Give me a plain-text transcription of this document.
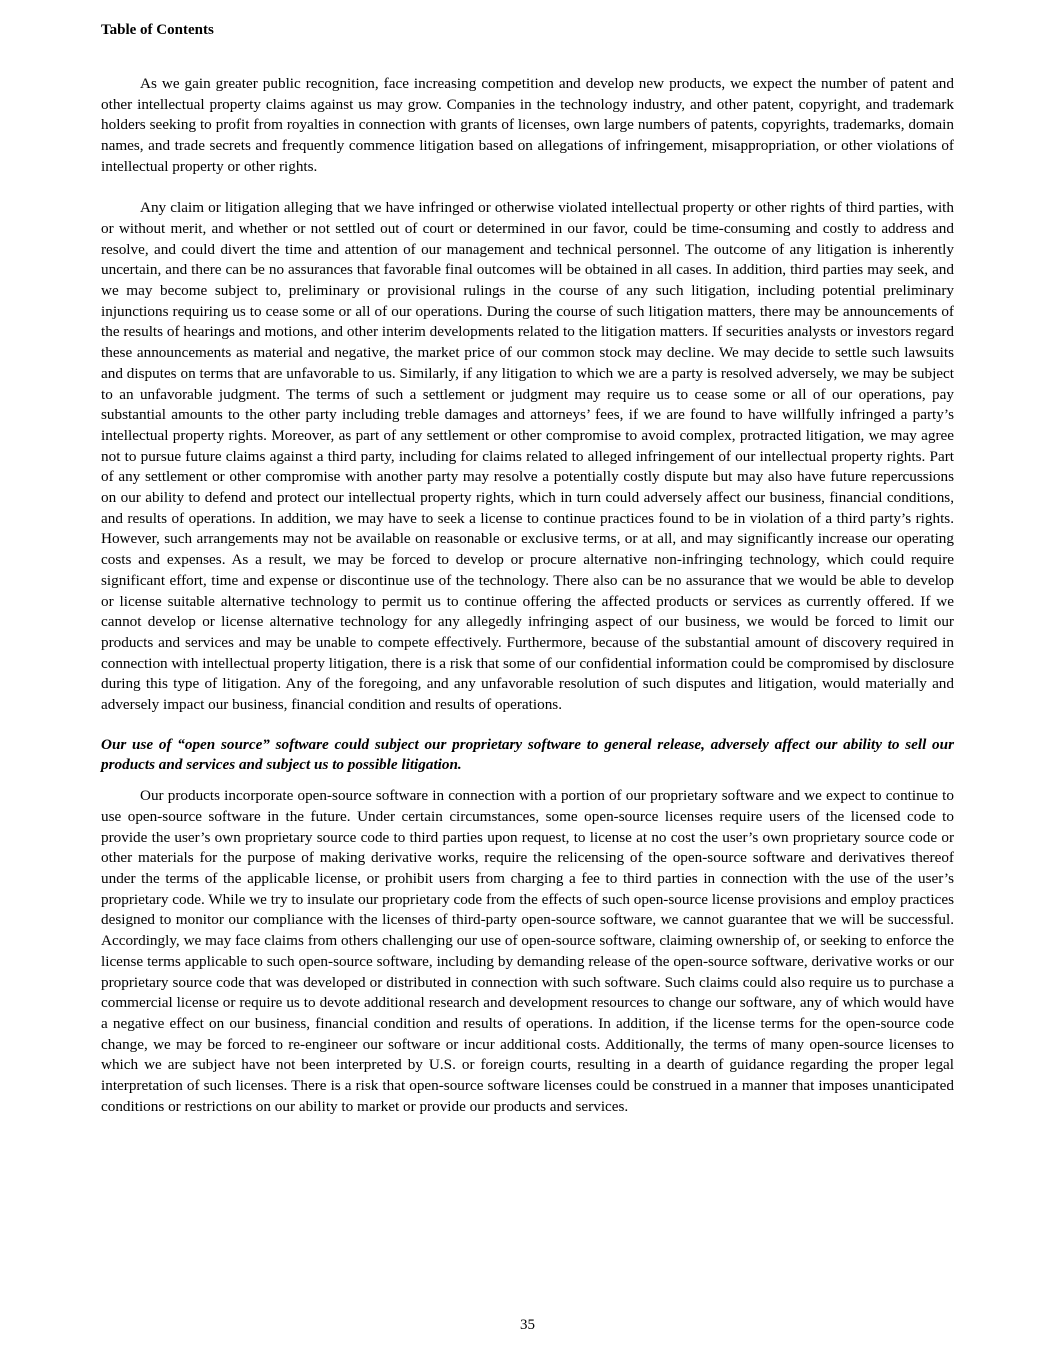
Table of Contents

As we gain greater public recognition, face increasing competition and develop new products, we expect the number of patent and other intellectual property claims against us may grow. Companies in the technology industry, and other patent, copyright, and trademark holders seeking to profit from royalties in connection with grants of licenses, own large numbers of patents, copyrights, trademarks, domain names, and trade secrets and frequently commence litigation based on allegations of infringement, misappropriation, or other violations of intellectual property or other rights.

Any claim or litigation alleging that we have infringed or otherwise violated intellectual property or other rights of third parties, with or without merit, and whether or not settled out of court or determined in our favor, could be time-consuming and costly to address and resolve, and could divert the time and attention of our management and technical personnel. The outcome of any litigation is inherently uncertain, and there can be no assurances that favorable final outcomes will be obtained in all cases. In addition, third parties may seek, and we may become subject to, preliminary or provisional rulings in the course of any such litigation, including potential preliminary injunctions requiring us to cease some or all of our operations. During the course of such litigation matters, there may be announcements of the results of hearings and motions, and other interim developments related to the litigation matters. If securities analysts or investors regard these announcements as material and negative, the market price of our common stock may decline. We may decide to settle such lawsuits and disputes on terms that are unfavorable to us. Similarly, if any litigation to which we are a party is resolved adversely, we may be subject to an unfavorable judgment. The terms of such a settlement or judgment may require us to cease some or all of our operations, pay substantial amounts to the other party including treble damages and attorneys’ fees, if we are found to have willfully infringed a party’s intellectual property rights. Moreover, as part of any settlement or other compromise to avoid complex, protracted litigation, we may agree not to pursue future claims against a third party, including for claims related to alleged infringement of our intellectual property rights. Part of any settlement or other compromise with another party may resolve a potentially costly dispute but may also have future repercussions on our ability to defend and protect our intellectual property rights, which in turn could adversely affect our business, financial conditions, and results of operations. In addition, we may have to seek a license to continue practices found to be in violation of a third party’s rights. However, such arrangements may not be available on reasonable or exclusive terms, or at all, and may significantly increase our operating costs and expenses. As a result, we may be forced to develop or procure alternative non-infringing technology, which could require significant effort, time and expense or discontinue use of the technology. There also can be no assurance that we would be able to develop or license suitable alternative technology to permit us to continue offering the affected products or services as currently offered. If we cannot develop or license alternative technology for any allegedly infringing aspect of our business, we would be forced to limit our products and services and may be unable to compete effectively. Furthermore, because of the substantial amount of discovery required in connection with intellectual property litigation, there is a risk that some of our confidential information could be compromised by disclosure during this type of litigation. Any of the foregoing, and any unfavorable resolution of such disputes and litigation, would materially and adversely impact our business, financial condition and results of operations.

Our use of “open source” software could subject our proprietary software to general release, adversely affect our ability to sell our products and services and subject us to possible litigation.

Our products incorporate open-source software in connection with a portion of our proprietary software and we expect to continue to use open-source software in the future. Under certain circumstances, some open-source licenses require users of the licensed code to provide the user’s own proprietary source code to third parties upon request, to license at no cost the user’s own proprietary source code or other materials for the purpose of making derivative works, require the relicensing of the open-source software and derivatives thereof under the terms of the applicable license, or prohibit users from charging a fee to third parties in connection with the use of the user’s proprietary code. While we try to insulate our proprietary code from the effects of such open-source license provisions and employ practices designed to monitor our compliance with the licenses of third-party open-source software, we cannot guarantee that we will be successful. Accordingly, we may face claims from others challenging our use of open-source software, claiming ownership of, or seeking to enforce the license terms applicable to such open-source software, including by demanding release of the open-source software, derivative works or our proprietary source code that was developed or distributed in connection with such software. Such claims could also require us to purchase a commercial license or require us to devote additional research and development resources to change our software, any of which would have a negative effect on our business, financial condition and results of operations. In addition, if the license terms for the open-source code change, we may be forced to re-engineer our software or incur additional costs. Additionally, the terms of many open-source licenses to which we are subject have not been interpreted by U.S. or foreign courts, resulting in a dearth of guidance regarding the proper legal interpretation of such licenses. There is a risk that open-source software licenses could be construed in a manner that imposes unanticipated conditions or restrictions on our ability to market or provide our products and services.

35
